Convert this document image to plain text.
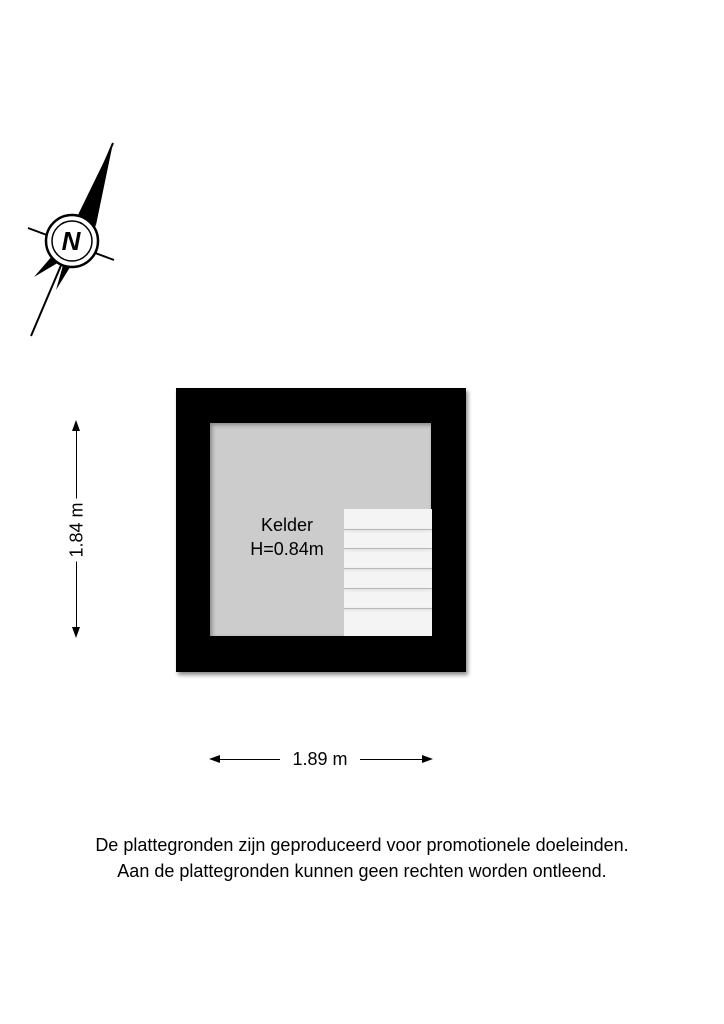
N
Kelder
H=0.84m
1.84 m
1.89 m
De plattegronden zijn geproduceerd voor promotionele doeleinden.
Aan de plattegronden kunnen geen rechten worden ontleend.
